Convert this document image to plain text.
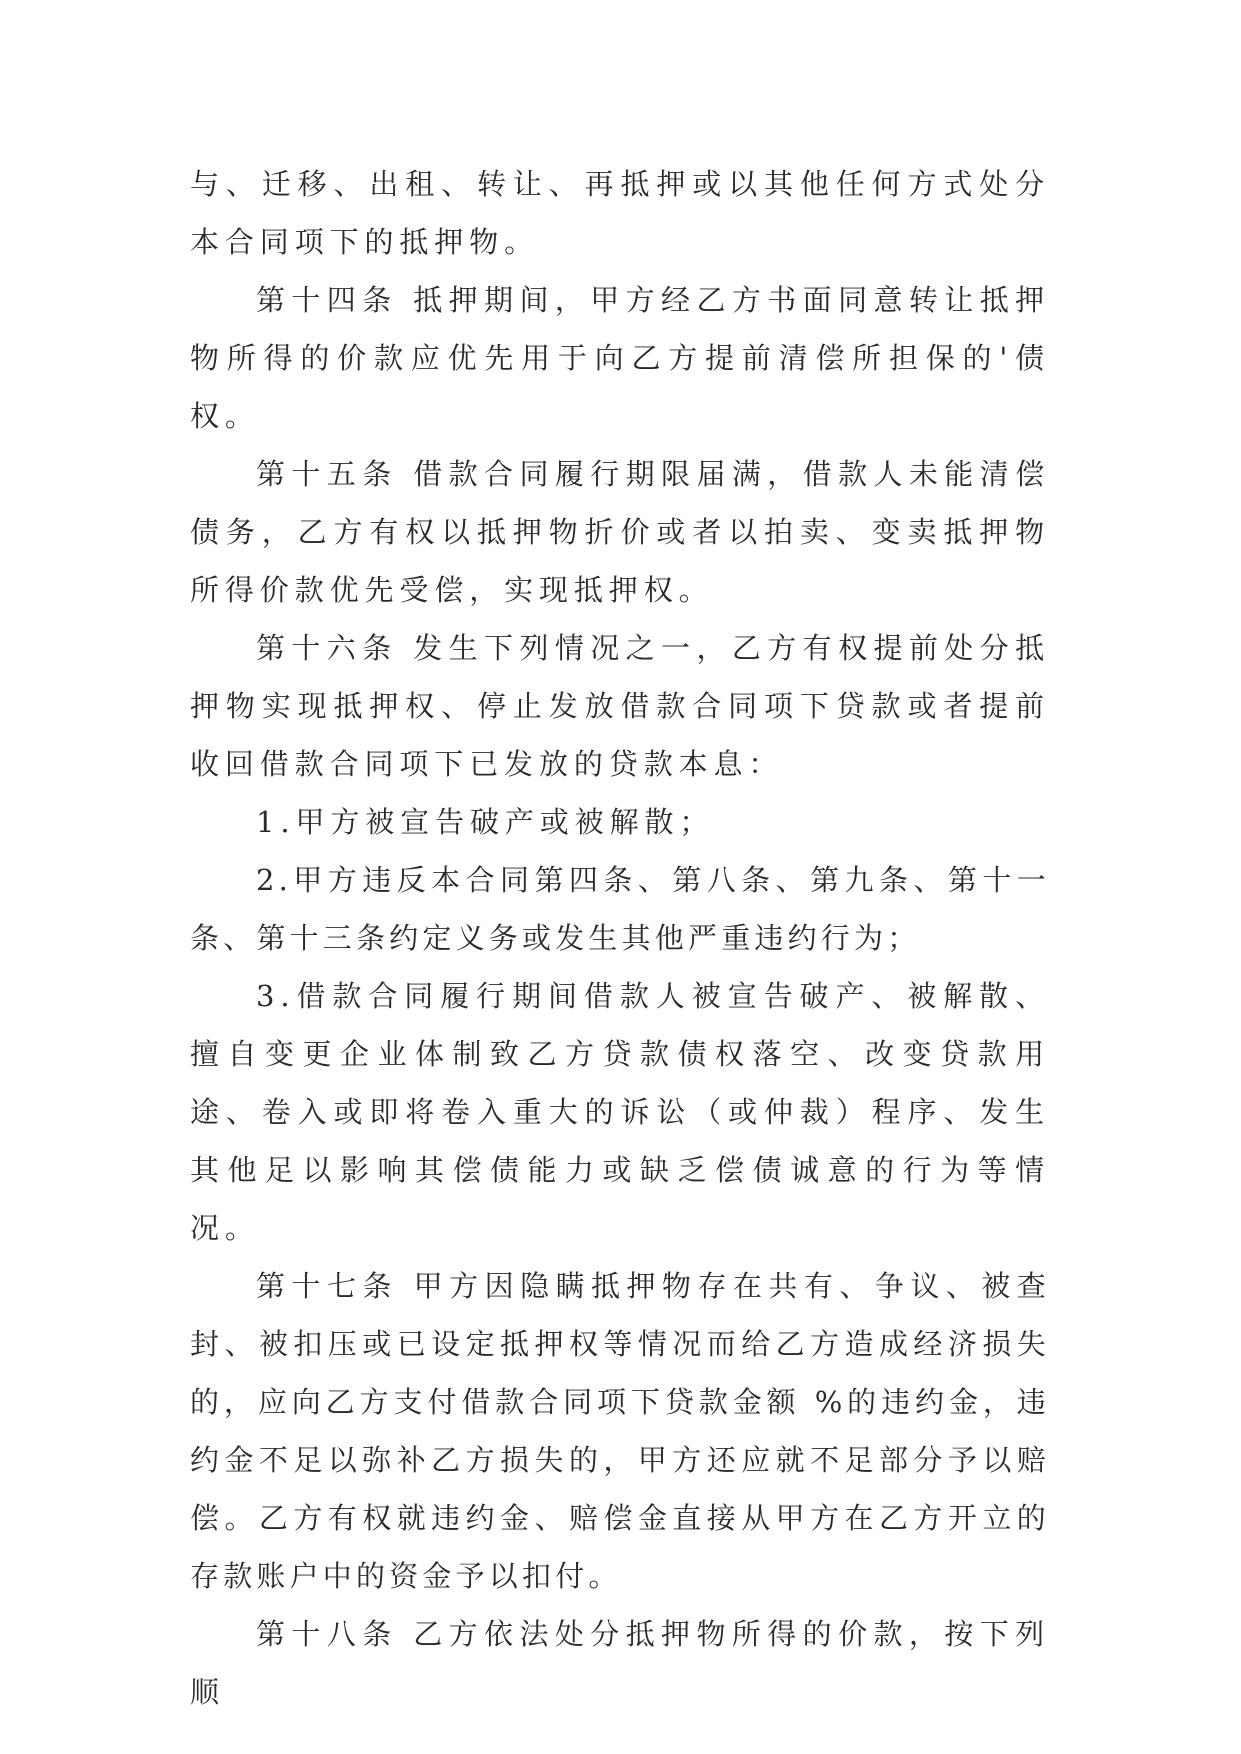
与、迁移、出租、转让、再抵押或以其他任何方式处分本合同项下的抵押物。

第十四条 抵押期间，甲方经乙方书面同意转让抵押物所得的价款应优先用于向乙方提前清偿所担保的'债权。

第十五条 借款合同履行期限届满，借款人未能清偿债务，乙方有权以抵押物折价或者以拍卖、变卖抵押物所得价款优先受偿，实现抵押权。

第十六条 发生下列情况之一，乙方有权提前处分抵押物实现抵押权、停止发放借款合同项下贷款或者提前收回借款合同项下已发放的贷款本息：

1.甲方被宣告破产或被解散；

2.甲方违反本合同第四条、第八条、第九条、第十一条、第十三条约定义务或发生其他严重违约行为；

3.借款合同履行期间借款人被宣告破产、被解散、擅自变更企业体制致乙方贷款债权落空、改变贷款用途、卷入或即将卷入重大的诉讼（或仲裁）程序、发生其他足以影响其偿债能力或缺乏偿债诚意的行为等情况。

第十七条 甲方因隐瞒抵押物存在共有、争议、被查封、被扣压或已设定抵押权等情况而给乙方造成经济损失的，应向乙方支付借款合同项下贷款金额 %的违约金，违约金不足以弥补乙方损失的，甲方还应就不足部分予以赔偿。乙方有权就违约金、赔偿金直接从甲方在乙方开立的存款账户中的资金予以扣付。

第十八条 乙方依法处分抵押物所得的价款，按下列顺
